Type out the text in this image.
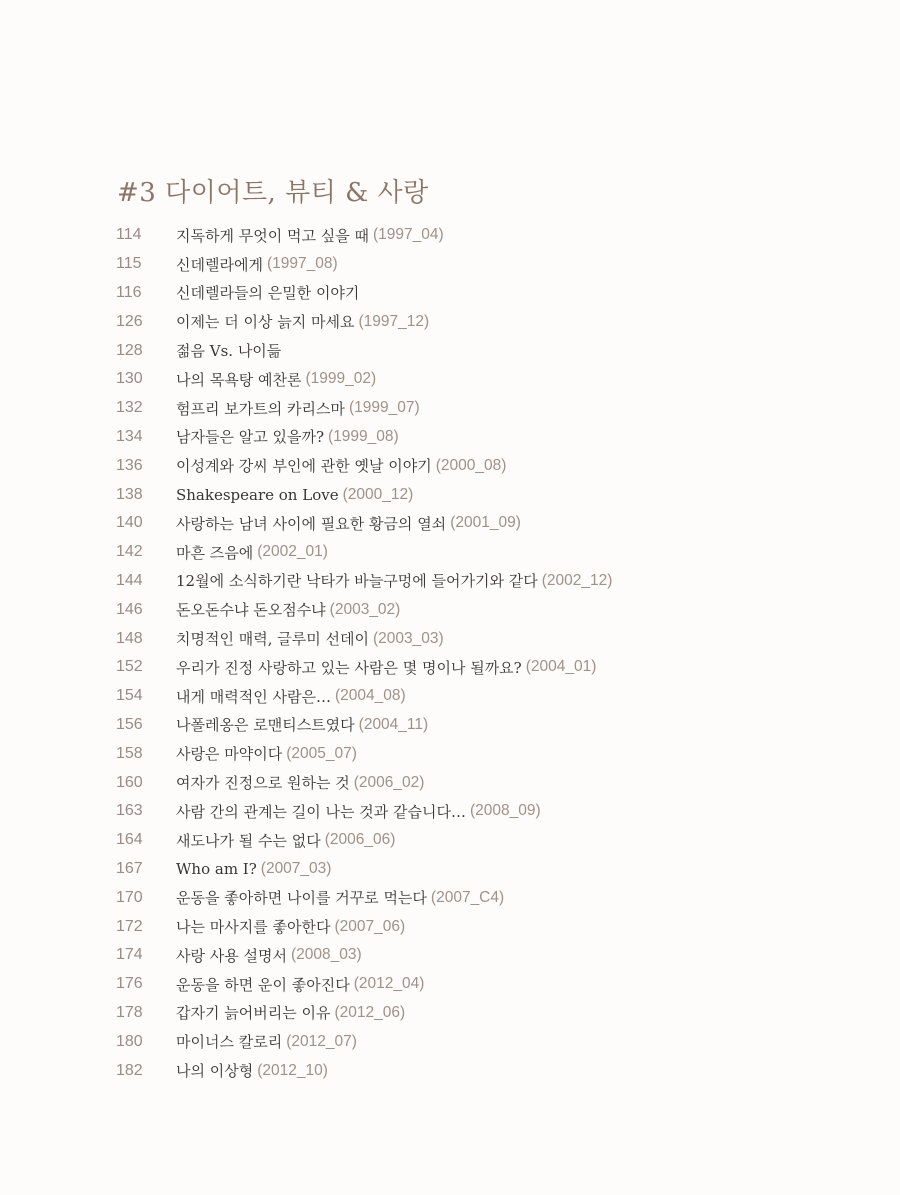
#3 다이어트, 뷰티 & 사랑
114	지독하게 무엇이 먹고 싶을 때 (1997_04)
115	신데렐라에게 (1997_08)
116	신데렐라들의 은밀한 이야기
126	이제는 더 이상 늙지 마세요 (1997_12)
128	젊음 Vs. 나이듦
130	나의 목욕탕 예찬론 (1999_02)
132	험프리 보가트의 카리스마 (1999_07)
134	남자들은 알고 있을까? (1999_08)
136	이성계와 강씨 부인에 관한 옛날 이야기 (2000_08)
138	Shakespeare on Love (2000_12)
140	사랑하는 남녀 사이에 필요한 황금의 열쇠 (2001_09)
142	마흔 즈음에 (2002_01)
144	12월에 소식하기란 낙타가 바늘구멍에 들어가기와 같다 (2002_12)
146	돈오돈수냐 돈오점수냐 (2003_02)
148	치명적인 매력, 글루미 선데이 (2003_03)
152	우리가 진정 사랑하고 있는 사람은 몇 명이나 될까요? (2004_01)
154	내게 매력적인 사람은… (2004_08)
156	나폴레옹은 로맨티스트였다 (2004_11)
158	사랑은 마약이다 (2005_07)
160	여자가 진정으로 원하는 것 (2006_02)
163	사람 간의 관계는 길이 나는 것과 같습니다… (2008_09)
164	새도나가 될 수는 없다 (2006_06)
167	Who am I? (2007_03)
170	운동을 좋아하면 나이를 거꾸로 먹는다 (2007_C4)
172	나는 마사지를 좋아한다 (2007_06)
174	사랑 사용 설명서 (2008_03)
176	운동을 하면 운이 좋아진다 (2012_04)
178	갑자기 늙어버리는 이유 (2012_06)
180	마이너스 칼로리 (2012_07)
182	나의 이상형 (2012_10)
